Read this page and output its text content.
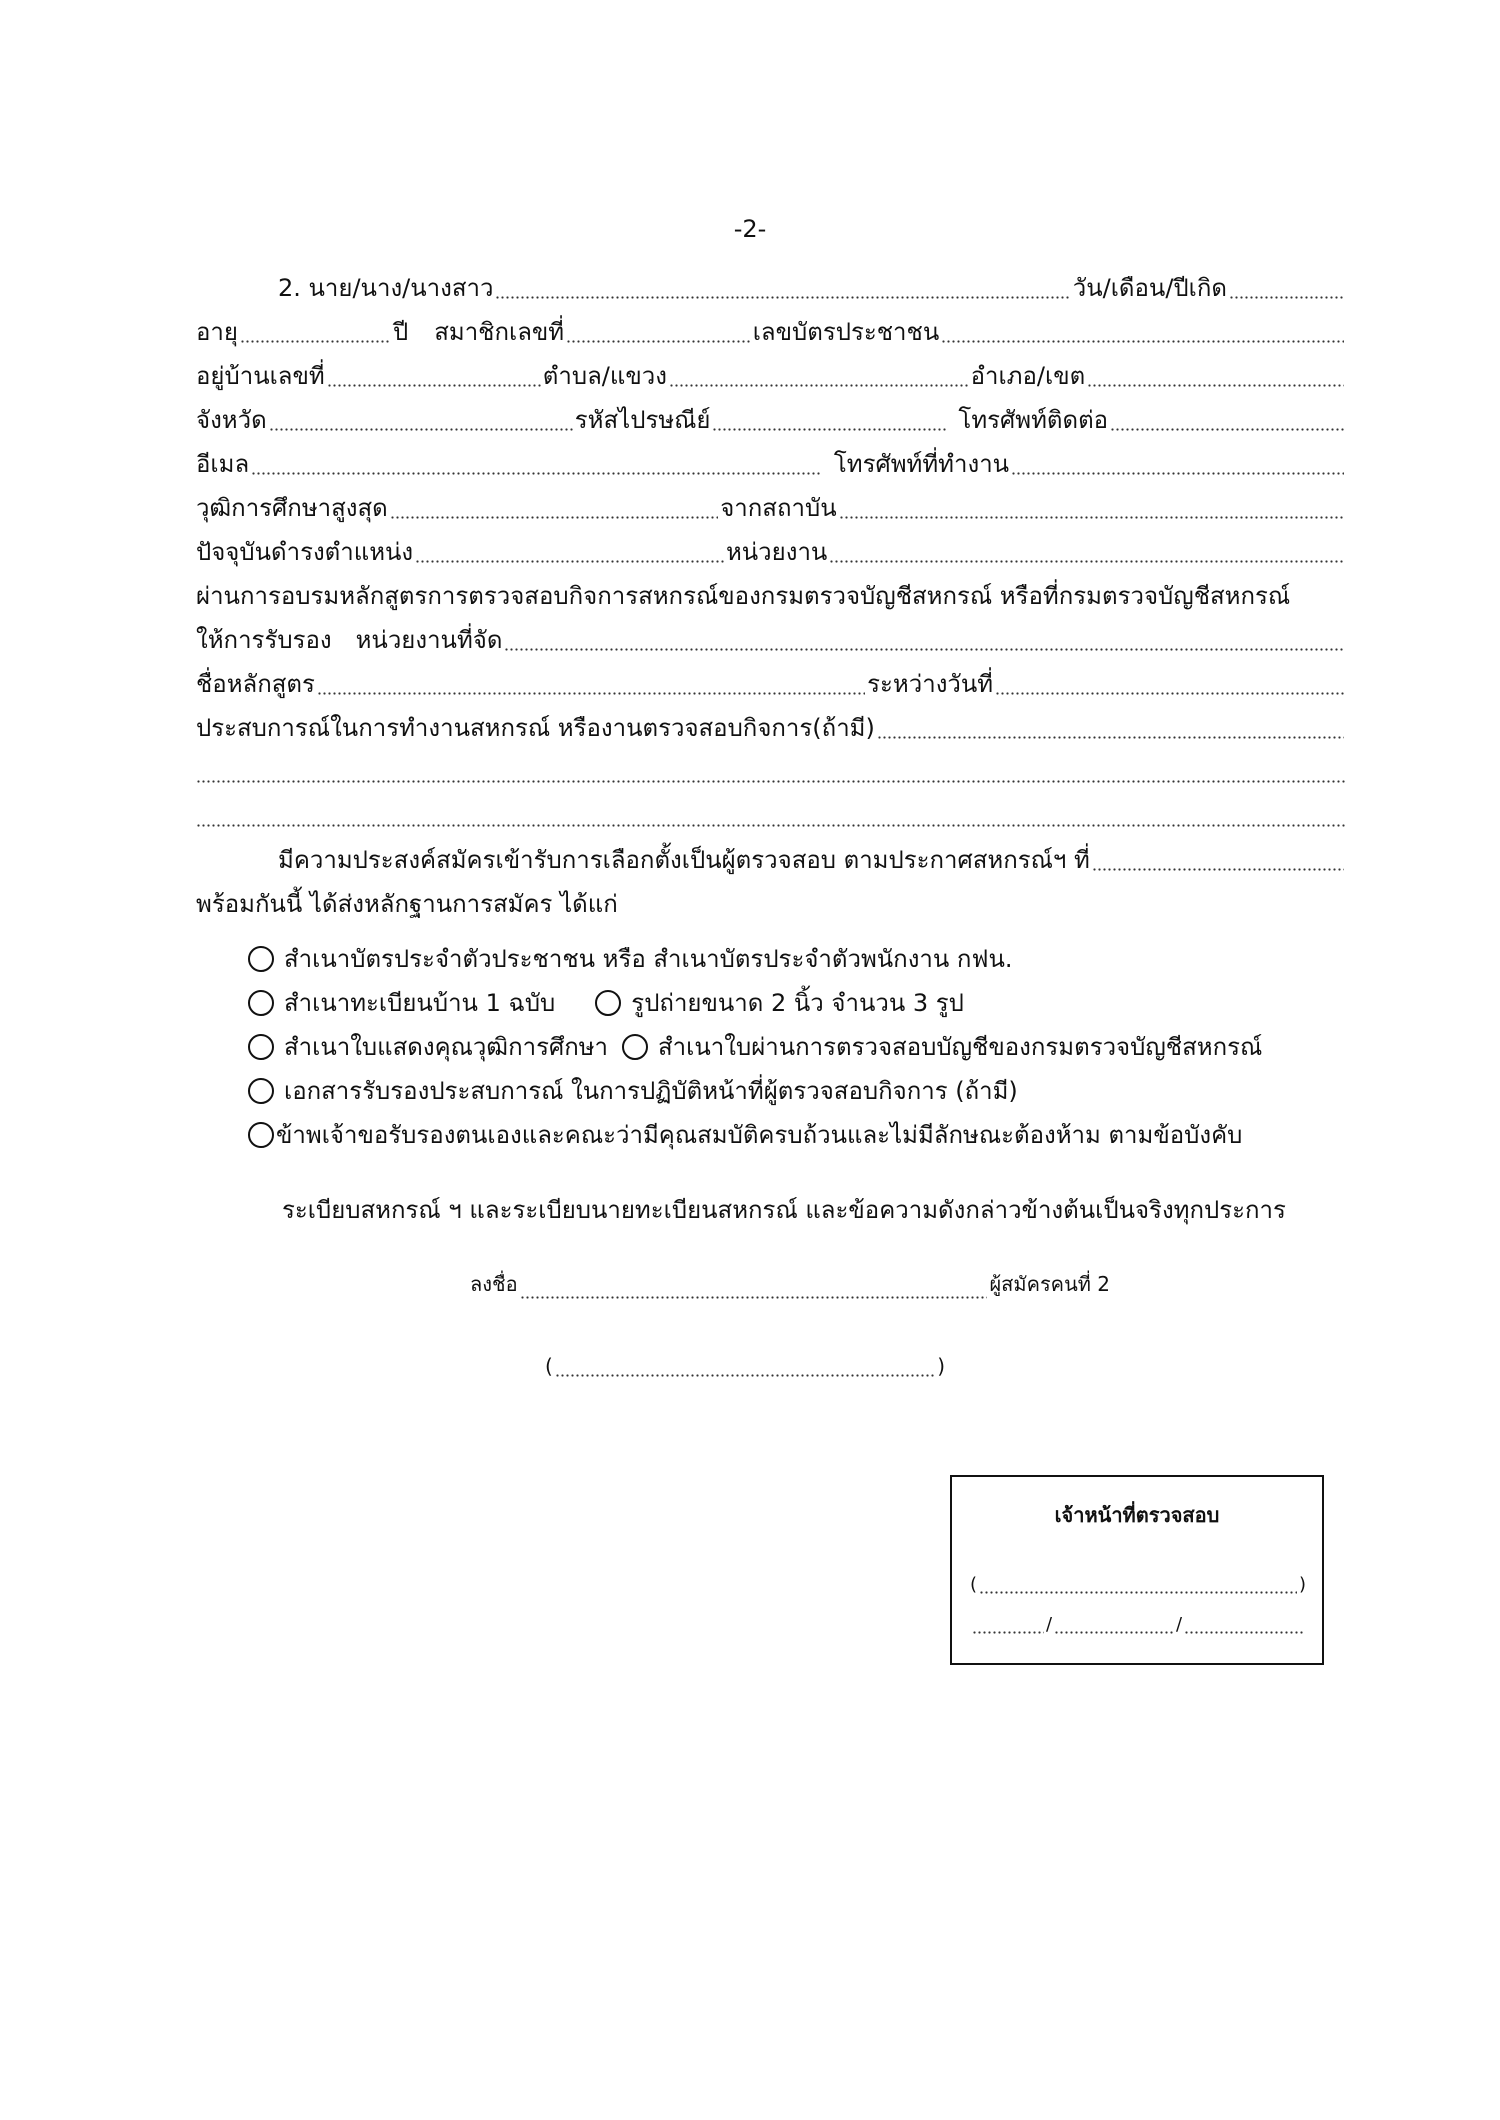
-2-
2. นาย/นาง/นางสาว	วัน/เดือน/ปีเกิด
อายุ	ปี สมาชิกเลขที่	เลขบัตรประชาชน
อยู่บ้านเลขที่	ตำบล/แขวง	อำเภอ/เขต
จังหวัด	รหัสไปรษณีย์	โทรศัพท์ติดต่อ
อีเมล	โทรศัพท์ที่ทำงาน
วุฒิการศึกษาสูงสุด	จากสถาบัน
ปัจจุบันดำรงตำแหน่ง	หน่วยงาน
ผ่านการอบรมหลักสูตรการตรวจสอบกิจการสหกรณ์ของกรมตรวจบัญชีสหกรณ์ หรือที่กรมตรวจบัญชีสหกรณ์
ให้การรับรอง หน่วยงานที่จัด
ชื่อหลักสูตร	ระหว่างวันที่
ประสบการณ์ในการทำงานสหกรณ์ หรืองานตรวจสอบกิจการ(ถ้ามี)
มีความประสงค์สมัครเข้ารับการเลือกตั้งเป็นผู้ตรวจสอบ ตามประกาศสหกรณ์ฯ ที่
พร้อมกันนี้ ได้ส่งหลักฐานการสมัคร ได้แก่
สำเนาบัตรประจำตัวประชาชน หรือ สำเนาบัตรประจำตัวพนักงาน กฟน.
สำเนาทะเบียนบ้าน 1 ฉบับ	รูปถ่ายขนาด 2 นิ้ว จำนวน 3 รูป
สำเนาใบแสดงคุณวุฒิการศึกษา สำเนาใบผ่านการตรวจสอบบัญชีของกรมตรวจบัญชีสหกรณ์
เอกสารรับรองประสบการณ์ ในการปฏิบัติหน้าที่ผู้ตรวจสอบกิจการ (ถ้ามี)
ข้าพเจ้าขอรับรองตนเองและคณะว่ามีคุณสมบัติครบถ้วนและไม่มีลักษณะต้องห้าม ตามข้อบังคับ
ระเบียบสหกรณ์ ฯ และระเบียบนายทะเบียนสหกรณ์ และข้อความดังกล่าวข้างต้นเป็นจริงทุกประการ
ลงชื่อ	ผู้สมัครคนที่ 2
(	)
เจ้าหน้าที่ตรวจสอบ
(	)
/	/
